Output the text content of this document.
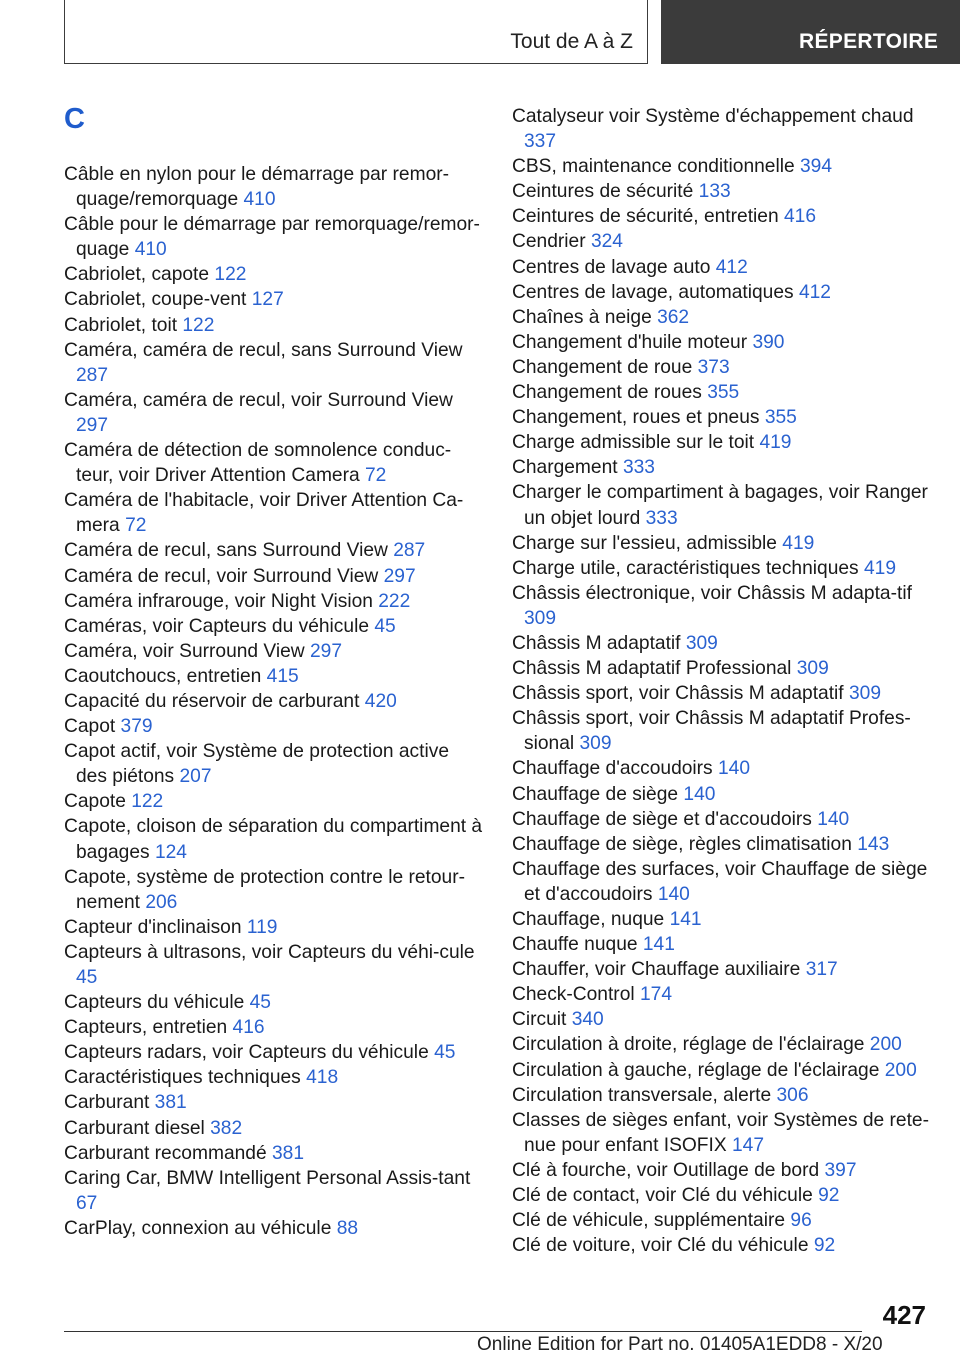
Tout de A à Z	RÉPERTOIRE
C

Câble en nylon pour le démarrage par remor‐quage/remorquage 410

Câble pour le démarrage par remorquage/remor‐quage 410

Cabriolet, capote 122

Cabriolet, coupe-vent 127

Cabriolet, toit 122

Caméra, caméra de recul, sans Surround View 287

Caméra, caméra de recul, voir Surround View 297

Caméra de détection de somnolence conduc‐teur, voir Driver Attention Camera 72

Caméra de l'habitacle, voir Driver Attention Ca‐mera 72

Caméra de recul, sans Surround View 287

Caméra de recul, voir Surround View 297

Caméra infrarouge, voir Night Vision 222

Caméras, voir Capteurs du véhicule 45

Caméra, voir Surround View 297

Caoutchoucs, entretien 415

Capacité du réservoir de carburant 420

Capot 379

Capot actif, voir Système de protection active des piétons 207

Capote 122

Capote, cloison de séparation du compartiment à bagages 124

Capote, système de protection contre le retour‐nement 206

Capteur d'inclinaison 119

Capteurs à ultrasons, voir Capteurs du véhi‐cule 45

Capteurs du véhicule 45

Capteurs, entretien 416

Capteurs radars, voir Capteurs du véhicule 45

Caractéristiques techniques 418

Carburant 381

Carburant diesel 382

Carburant recommandé 381

Caring Car, BMW Intelligent Personal Assis‐tant 67

CarPlay, connexion au véhicule 88

Catalyseur voir Système d'échappement chaud 337

CBS, maintenance conditionnelle 394

Ceintures de sécurité 133

Ceintures de sécurité, entretien 416

Cendrier 324

Centres de lavage auto 412

Centres de lavage, automatiques 412

Chaînes à neige 362

Changement d'huile moteur 390

Changement de roue 373

Changement de roues 355

Changement, roues et pneus 355

Charge admissible sur le toit 419

Chargement 333

Charger le compartiment à bagages, voir Ranger un objet lourd 333

Charge sur l'essieu, admissible 419

Charge utile, caractéristiques techniques 419

Châssis électronique, voir Châssis M adapta‐tif 309

Châssis M adaptatif 309

Châssis M adaptatif Professional 309

Châssis sport, voir Châssis M adaptatif 309

Châssis sport, voir Châssis M adaptatif Profes‐sional 309

Chauffage d'accoudoirs 140

Chauffage de siège 140

Chauffage de siège et d'accoudoirs 140

Chauffage de siège, règles climatisation 143

Chauffage des surfaces, voir Chauffage de siège et d'accoudoirs 140

Chauffage, nuque 141

Chauffe nuque 141

Chauffer, voir Chauffage auxiliaire 317

Check-Control 174

Circuit 340

Circulation à droite, réglage de l'éclairage 200

Circulation à gauche, réglage de l'éclairage 200

Circulation transversale, alerte 306

Classes de sièges enfant, voir Systèmes de rete‐nue pour enfant ISOFIX 147

Clé à fourche, voir Outillage de bord 397

Clé de contact, voir Clé du véhicule 92

Clé de véhicule, supplémentaire 96

Clé de voiture, voir Clé du véhicule 92

427
Online Edition for Part no. 01405A1EDD8 - X/20
